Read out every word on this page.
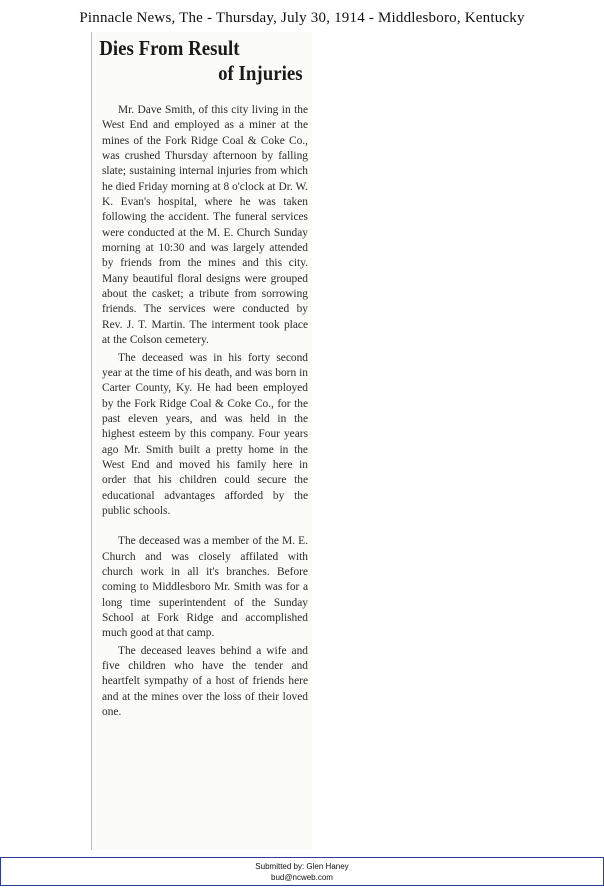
Pinnacle News, The - Thursday, July 30, 1914 - Middlesboro, Kentucky
Dies From Result
of Injuries

Mr. Dave Smith, of this city living in the West End and employed as a miner at the mines of the Fork Ridge Coal & Coke Co., was crushed Thursday afternoon by falling slate; sustaining internal injuries from which he died Friday morning at 8 o'clock at Dr. W. K. Evan's hospital, where he was taken following the accident. The funeral services were conducted at the M. E. Church Sunday morning at 10:30 and was largely attended by friends from the mines and this city. Many beautiful floral designs were grouped about the casket; a tribute from sorrowing friends. The services were conducted by Rev. J. T. Martin. The interment took place at the Colson cemetery.

The deceased was in his forty second year at the time of his death, and was born in Carter County, Ky. He had been employed by the Fork Ridge Coal & Coke Co., for the past eleven years, and was held in the highest esteem by this company. Four years ago Mr. Smith built a pretty home in the West End and moved his family here in order that his children could secure the educational advantages afforded by the public schools.

The deceased was a member of the M. E. Church and was closely affilated with church work in all it's branches. Before coming to Middlesboro Mr. Smith was for a long time superintendent of the Sunday School at Fork Ridge and accomplished much good at that camp.

The deceased leaves behind a wife and five children who have the tender and heartfelt sympathy of a host of friends here and at the mines over the loss of their loved one.

Submitted by: Glen Haney
bud@ncweb.com
